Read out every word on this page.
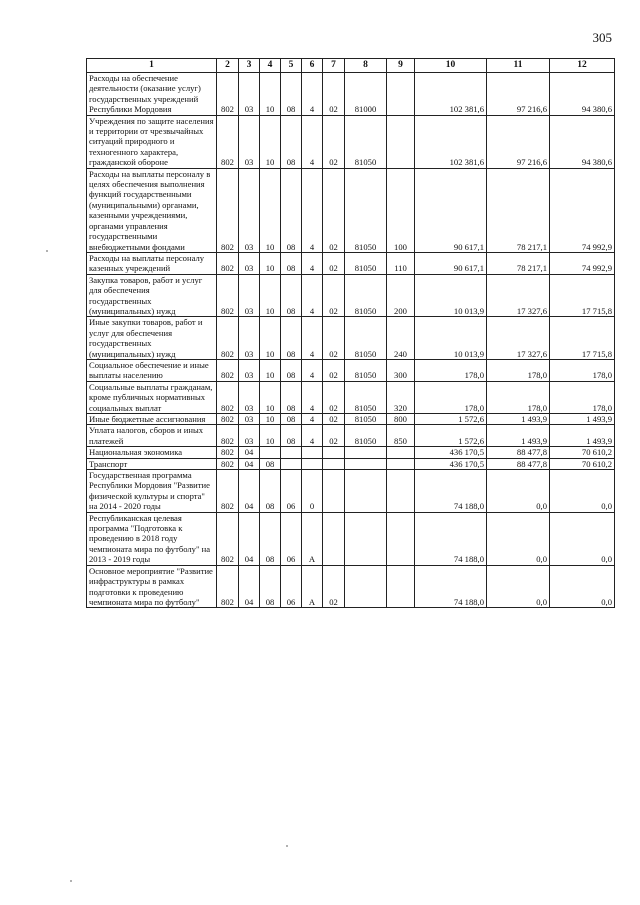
305
1	2	3	4	5	6	7	8	9	10	11	12
Расходы на обеспечение деятельности (оказание услуг) государственных учреждений Республики Мордовия	802	03	10	08	4	02	81000		102 381,6	97 216,6	94 380,6
Учреждения по защите населения и территории от чрезвычайных ситуаций природного и техногенного характера, гражданской обороне	802	03	10	08	4	02	81050		102 381,6	97 216,6	94 380,6
Расходы на выплаты персоналу в целях обеспечения выполнения функций государственными (муниципальными) органами, казенными учреждениями, органами управления государственными внебюджетными фондами	802	03	10	08	4	02	81050	100	90 617,1	78 217,1	74 992,9
Расходы на выплаты персоналу казенных учреждений	802	03	10	08	4	02	81050	110	90 617,1	78 217,1	74 992,9
Закупка товаров, работ и услуг для обеспечения государственных (муниципальных) нужд	802	03	10	08	4	02	81050	200	10 013,9	17 327,6	17 715,8
Иные закупки товаров, работ и услуг для обеспечения государственных (муниципальных) нужд	802	03	10	08	4	02	81050	240	10 013,9	17 327,6	17 715,8
Социальное обеспечение и иные выплаты населению	802	03	10	08	4	02	81050	300	178,0	178,0	178,0
Социальные выплаты гражданам, кроме публичных нормативных социальных выплат	802	03	10	08	4	02	81050	320	178,0	178,0	178,0
Иные бюджетные ассигнования	802	03	10	08	4	02	81050	800	1 572,6	1 493,9	1 493,9
Уплата налогов, сборов и иных платежей	802	03	10	08	4	02	81050	850	1 572,6	1 493,9	1 493,9
Национальная экономика	802	04							436 170,5	88 477,8	70 610,2
Транспорт	802	04	08						436 170,5	88 477,8	70 610,2
Государственная программа Республики Мордовия "Развитие физической культуры и спорта" на 2014 - 2020 годы	802	04	08	06	0				74 188,0	0,0	0,0
Республиканская целевая программа "Подготовка к проведению в 2018 году чемпионата мира по футболу" на 2013 - 2019 годы	802	04	08	06	А				74 188,0	0,0	0,0
Основное мероприятие "Развитие инфраструктуры в рамках подготовки к проведению чемпионата мира по футболу"	802	04	08	06	А	02			74 188,0	0,0	0,0
